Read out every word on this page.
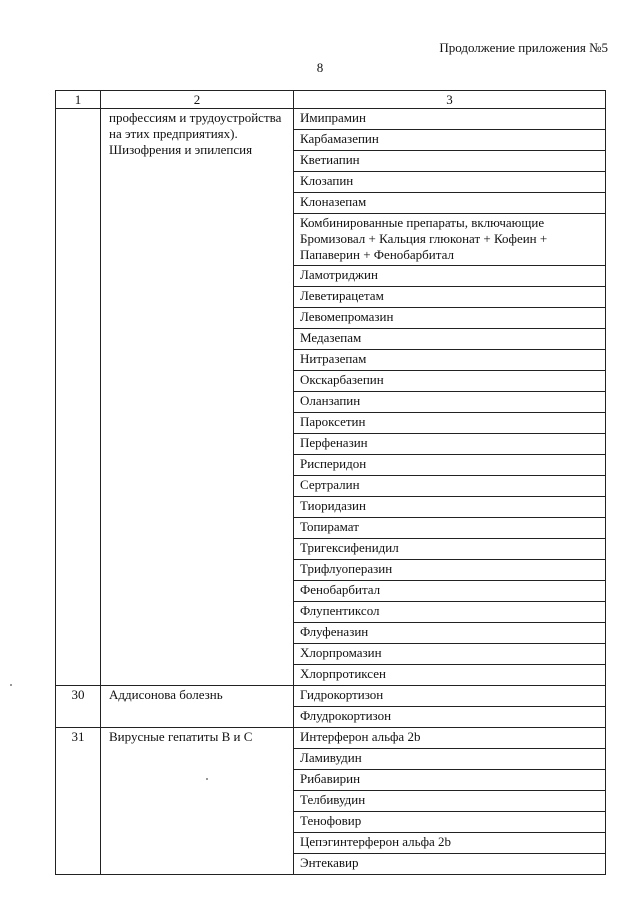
Продолжение приложения №5
8
1	2	3
	профессиям и трудоустройства на этих предприятиях). Шизофрения и эпилепсия	Имипрамин
		Карбамазепин
		Кветиапин
		Клозапин
		Клоназепам
		Комбинированные препараты, включающие Бромизовал + Кальция глюконат + Кофеин + Папаверин + Фенобарбитал
		Ламотриджин
		Леветирацетам
		Левомепромазин
		Медазепам
		Нитразепам
		Окскарбазепин
		Оланзапин
		Пароксетин
		Перфеназин
		Рисперидон
		Сертралин
		Тиоридазин
		Топирамат
		Тригексифенидил
		Трифлуоперазин
		Фенобарбитал
		Флупентиксол
		Флуфеназин
		Хлорпромазин
		Хлорпротиксен
30	Аддисонова болезнь	Гидрокортизон
		Флудрокортизон
31	Вирусные гепатиты В и С	Интерферон альфа 2b
		Ламивудин
		Рибавирин
		Телбивудин
		Тенофовир
		Цепэгинтерферон альфа 2b
		Энтекавир
